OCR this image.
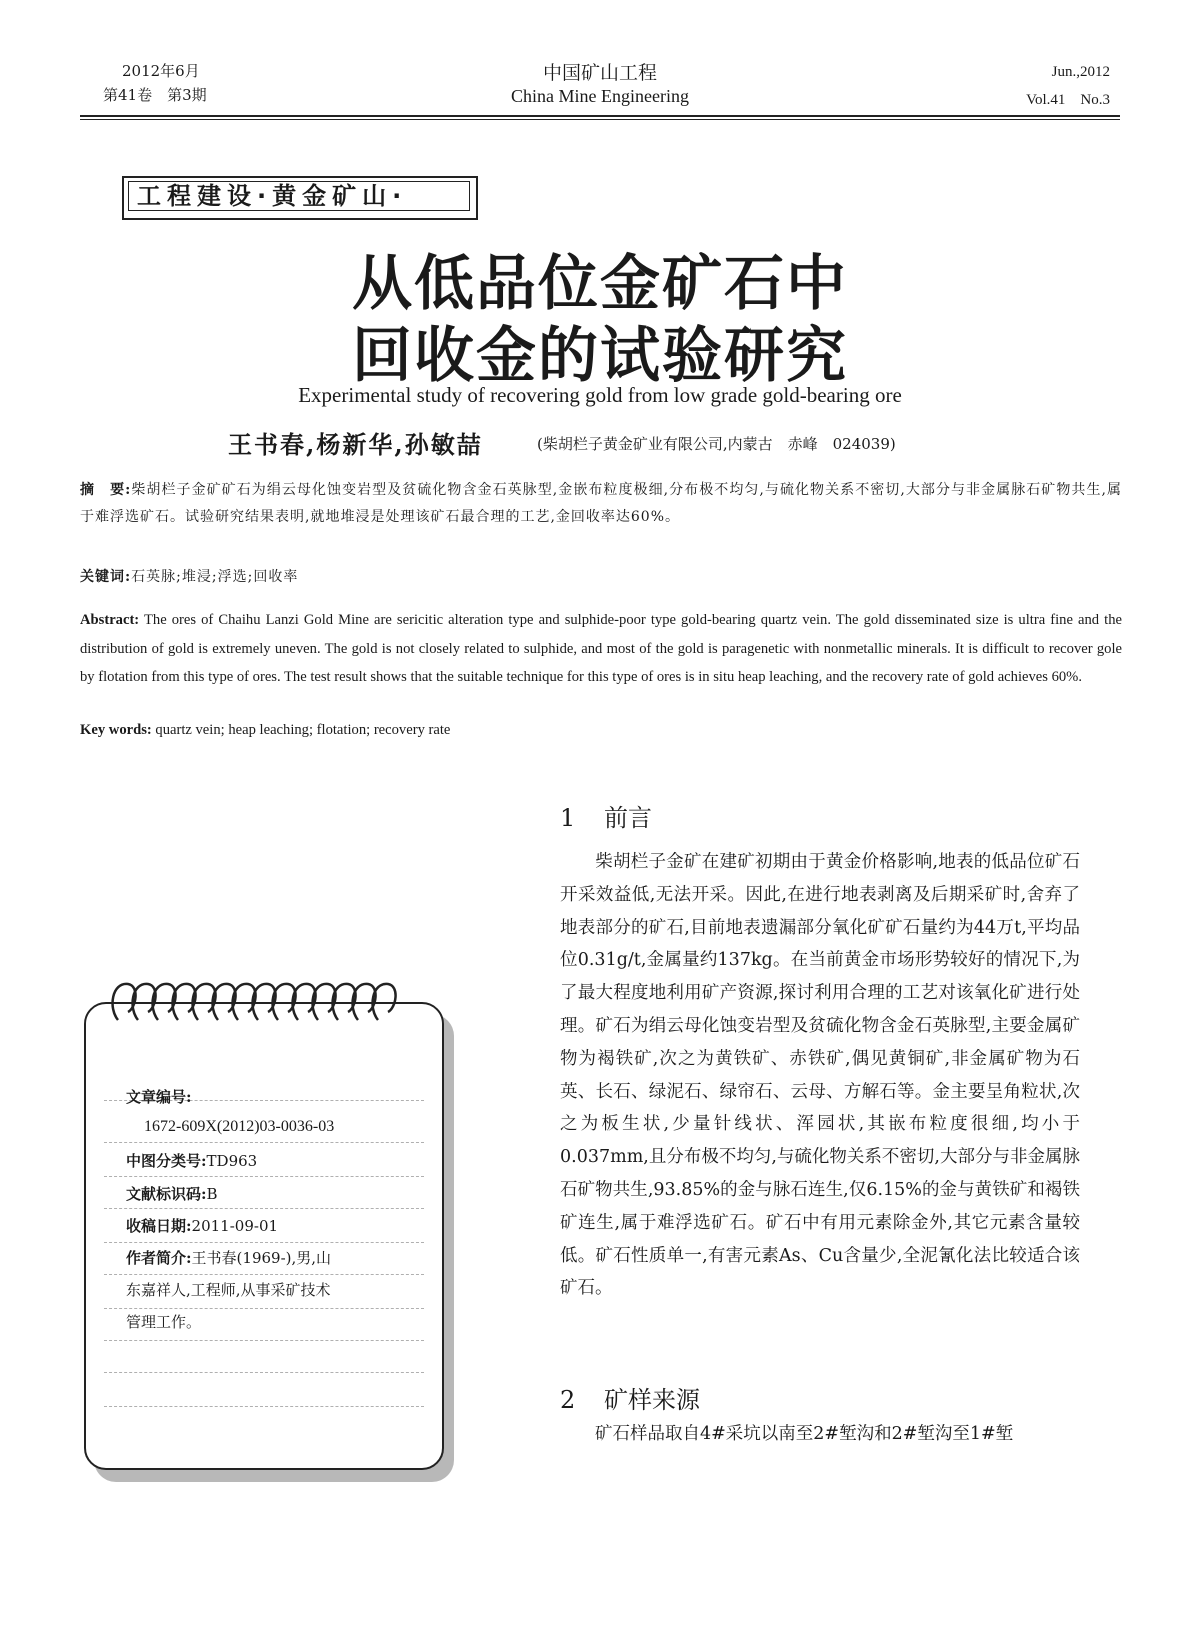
2012年6月
第41卷　第3期
中国矿山工程
China Mine Engineering
Jun.,2012
Vol.41　No.3
工程建设·黄金矿山·
从低品位金矿石中
回收金的试验研究
Experimental study of recovering gold from low grade gold-bearing ore
王书春,杨新华,孙敏喆	(柴胡栏子黄金矿业有限公司,内蒙古　赤峰　024039)
摘　要:柴胡栏子金矿矿石为绢云母化蚀变岩型及贫硫化物含金石英脉型,金嵌布粒度极细,分布极不均匀,与硫化物关系不密切,大部分与非金属脉石矿物共生,属于难浮选矿石。试验研究结果表明,就地堆浸是处理该矿石最合理的工艺,金回收率达60%。
关键词:石英脉;堆浸;浮选;回收率
Abstract: The ores of Chaihu Lanzi Gold Mine are sericitic alteration type and sulphide-poor type gold-bearing quartz vein. The gold disseminated size is ultra fine and the distribution of gold is extremely uneven. The gold is not closely related to sulphide, and most of the gold is paragenetic with nonmetallic minerals. It is difficult to recover gole by flotation from this type of ores. The test result shows that the suitable technique for this type of ores is in situ heap leaching, and the recovery rate of gold achieves 60%.
Key words: quartz vein; heap leaching; flotation; recovery rate
文章编号:
1672-609X(2012)03-0036-03
中图分类号:TD963
文献标识码:B
收稿日期:2011-09-01
作者简介:王书春(1969-),男,山
东嘉祥人,工程师,从事采矿技术
管理工作。
1 前言
柴胡栏子金矿在建矿初期由于黄金价格影响,地表的低品位矿石开采效益低,无法开采。因此,在进行地表剥离及后期采矿时,舍弃了地表部分的矿石,目前地表遗漏部分氧化矿矿石量约为44万t,平均品位0.31g/t,金属量约137kg。在当前黄金市场形势较好的情况下,为了最大程度地利用矿产资源,探讨利用合理的工艺对该氧化矿进行处理。矿石为绢云母化蚀变岩型及贫硫化物含金石英脉型,主要金属矿物为褐铁矿,次之为黄铁矿、赤铁矿,偶见黄铜矿,非金属矿物为石英、长石、绿泥石、绿帘石、云母、方解石等。金主要呈角粒状,次之为板生状,少量针线状、浑园状,其嵌布粒度很细,均小于0.037mm,且分布极不均匀,与硫化物关系不密切,大部分与非金属脉石矿物共生,93.85%的金与脉石连生,仅6.15%的金与黄铁矿和褐铁矿连生,属于难浮选矿石。矿石中有用元素除金外,其它元素含量较低。矿石性质单一,有害元素As、Cu含量少,全泥氰化法比较适合该矿石。
2 矿样来源
矿石样品取自4#采坑以南至2#堑沟和2#堑沟至1#堑
